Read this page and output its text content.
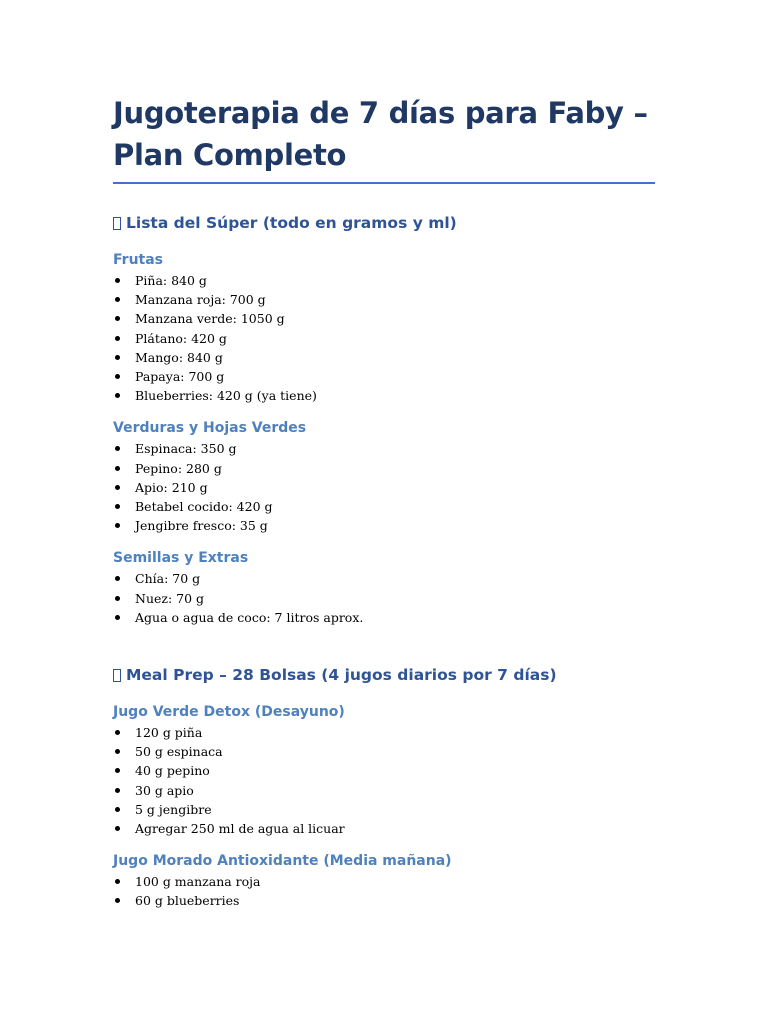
Jugoterapia de 7 días para Faby – Plan Completo
Lista del Súper (todo en gramos y ml)
Frutas
Piña: 840 g
Manzana roja: 700 g
Manzana verde: 1050 g
Plátano: 420 g
Mango: 840 g
Papaya: 700 g
Blueberries: 420 g (ya tiene)
Verduras y Hojas Verdes
Espinaca: 350 g
Pepino: 280 g
Apio: 210 g
Betabel cocido: 420 g
Jengibre fresco: 35 g
Semillas y Extras
Chía: 70 g
Nuez: 70 g
Agua o agua de coco: 7 litros aprox.
Meal Prep – 28 Bolsas (4 jugos diarios por 7 días)
Jugo Verde Detox (Desayuno)
120 g piña
50 g espinaca
40 g pepino
30 g apio
5 g jengibre
Agregar 250 ml de agua al licuar
Jugo Morado Antioxidante (Media mañana)
100 g manzana roja
60 g blueberries
